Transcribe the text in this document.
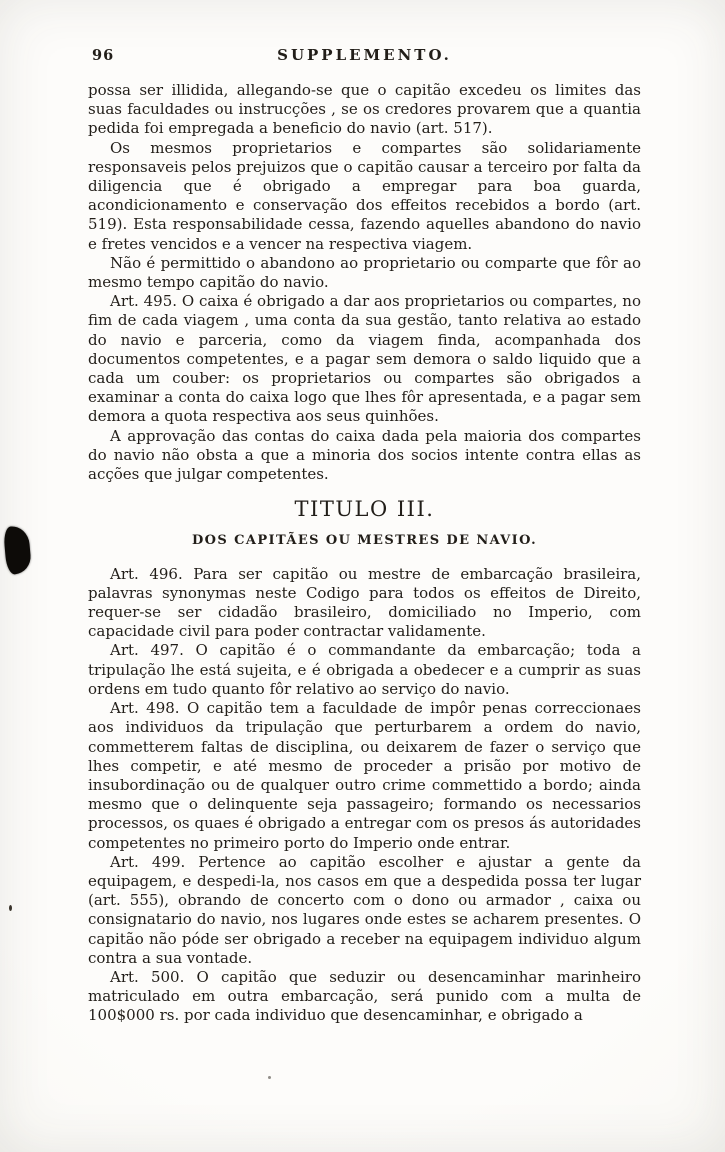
96	SUPPLEMENTO.

possa ser illidida, allegando-se que o capitão excedeu os limites das suas faculdades ou instrucções , se os credores provarem que a quantia pedida foi empregada a beneficio do navio (art. 517).

Os mesmos proprietarios e compartes são solidariamente responsaveis pelos prejuizos que o capitão causar a terceiro por falta da diligencia que é obrigado a empregar para boa guarda, acondicionamento e conservação dos effeitos recebidos a bordo (art. 519). Esta responsabilidade cessa, fazendo aquelles abandono do navio e fretes vencidos e a vencer na respectiva viagem.

Não é permittido o abandono ao proprietario ou comparte que fôr ao mesmo tempo capitão do navio.

Art. 495. O caixa é obrigado a dar aos proprietarios ou compartes, no fim de cada viagem , uma conta da sua gestão, tanto relativa ao estado do navio e parceria, como da viagem finda, acompanhada dos documentos competentes, e a pagar sem demora o saldo liquido que a cada um couber: os proprietarios ou compartes são obrigados a examinar a conta do caixa logo que lhes fôr apresentada, e a pagar sem demora a quota respectiva aos seus quinhões.

A approvação das contas do caixa dada pela maioria dos compartes do navio não obsta a que a minoria dos socios intente contra ellas as acções que julgar competentes.

TITULO III.
DOS CAPITÃES OU MESTRES DE NAVIO.

Art. 496. Para ser capitão ou mestre de embarcação brasileira, palavras synonymas neste Codigo para todos os effeitos de Direito, requer-se ser cidadão brasileiro, domiciliado no Imperio, com capacidade civil para poder contractar validamente.

Art. 497. O capitão é o commandante da embarcação; toda a tripulação lhe está sujeita, e é obrigada a obedecer e a cumprir as suas ordens em tudo quanto fôr relativo ao serviço do navio.

Art. 498. O capitão tem a faculdade de impôr penas correccionaes aos individuos da tripulação que perturbarem a ordem do navio, commetterem faltas de disciplina, ou deixarem de fazer o serviço que lhes competir, e até mesmo de proceder a prisão por motivo de insubordinação ou de qualquer outro crime commettido a bordo; ainda mesmo que o delinquente seja passageiro; formando os necessarios processos, os quaes é obrigado a entregar com os presos ás autoridades competentes no primeiro porto do Imperio onde entrar.

Art. 499. Pertence ao capitão escolher e ajustar a gente da equipagem, e despedi-la, nos casos em que a despedida possa ter lugar (art. 555), obrando de concerto com o dono ou armador , caixa ou consignatario do navio, nos lugares onde estes se acharem presentes. O capitão não póde ser obrigado a receber na equipagem individuo algum contra a sua vontade.

Art. 500. O capitão que seduzir ou desencaminhar marinheiro matriculado em outra embarcação, será punido com a multa de 100$000 rs. por cada individuo que desencaminhar, e obrigado a
